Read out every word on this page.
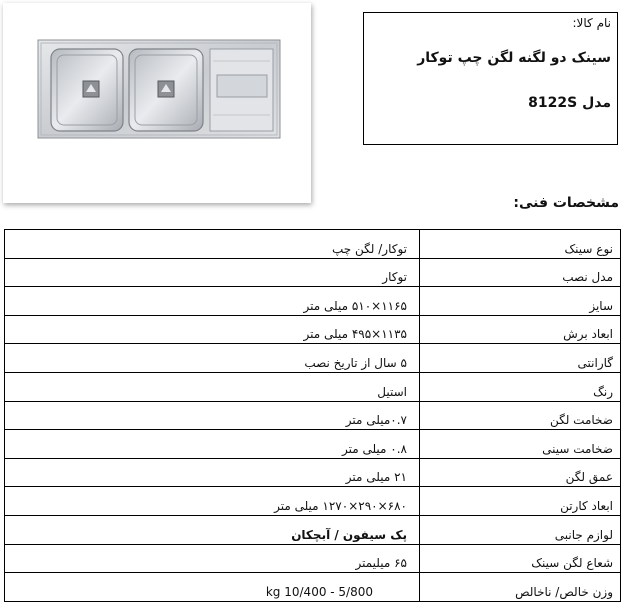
نام کالا:
سینک دو لگنه لگن چپ توکار
مدل 8122S
مشخصات فنی:
نوع سینک	توکار/ لگن چپ
مدل نصب	توکار
سایز	۱۱۶۵×۵۱۰ میلی متر
ابعاد برش	۱۱۳۵×۴۹۵ میلی متر
گارانتی	۵ سال از تاریخ نصب
رنگ	استیل
ضخامت لگن	۰.۷میلی متر
ضخامت سینی	۰.۸ میلی متر
عمق لگن	۲۱ میلی متر
ابعاد کارتن	۶۸۰×۲۹۰×۱۲۷۰ میلی متر
لوازم جانبی	پک سیفون / آبچکان
شعاع لگن سینک	۶۵ میلیمتر
وزن خالص/ ناخالص	kg 10/400 - 5/800
